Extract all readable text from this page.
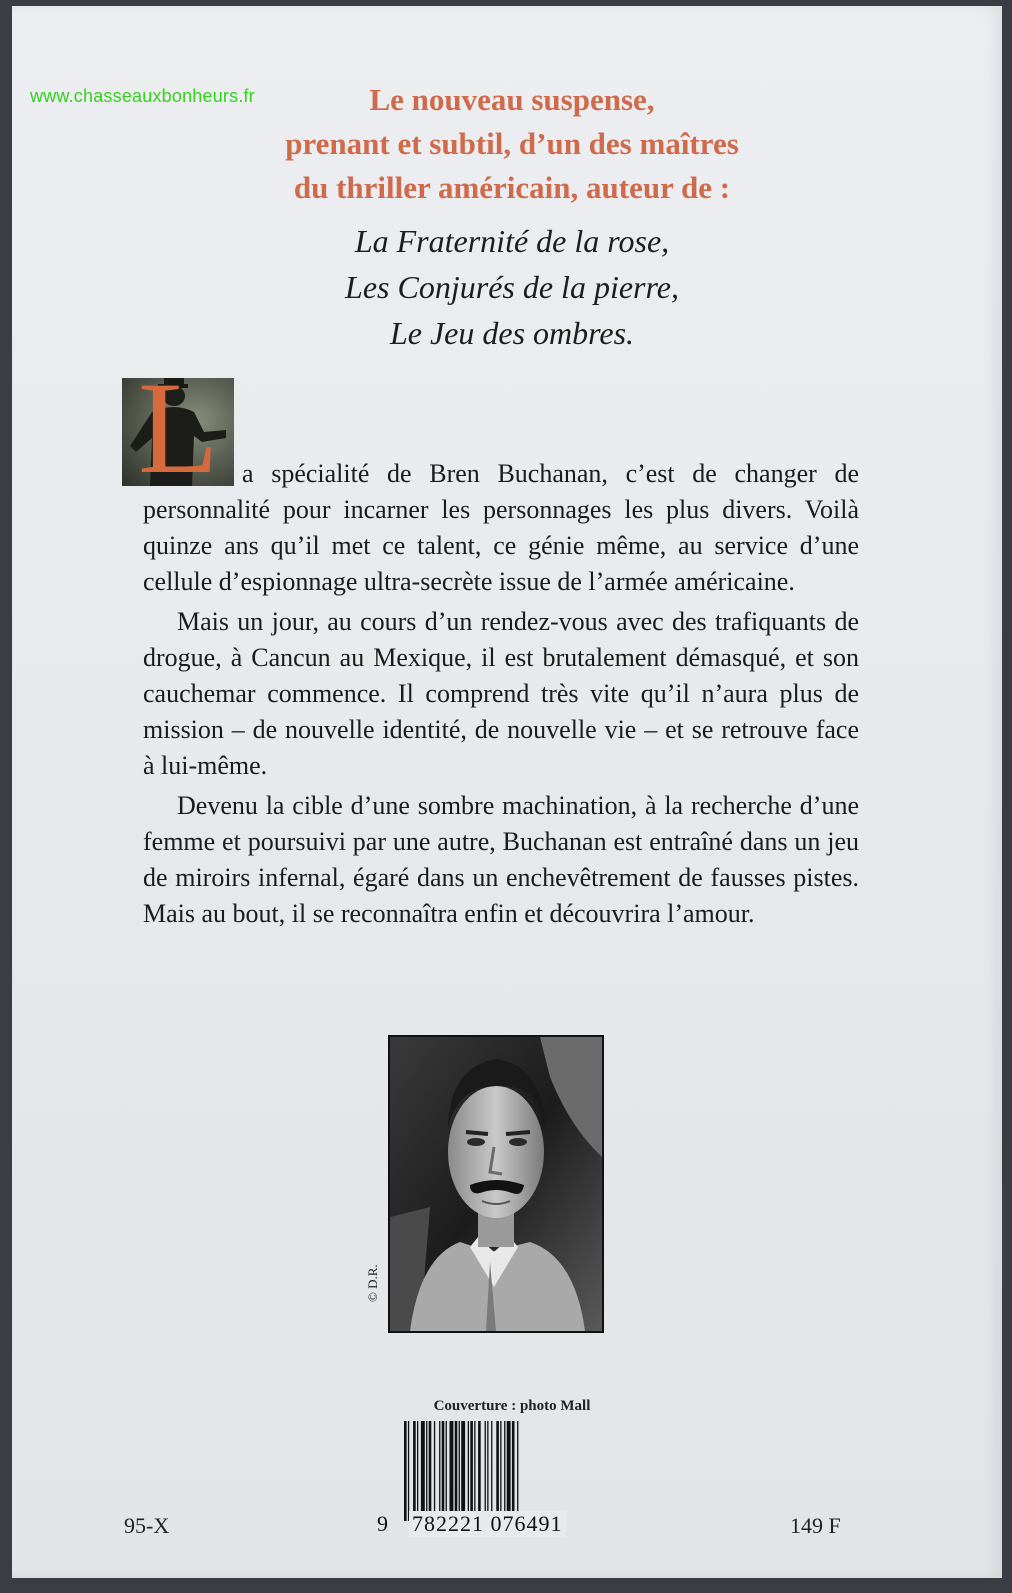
www.chasseauxbonheurs.fr	Le nouveau suspense,
prenant et subtil, d’un des maîtres
du thriller américain, auteur de :
La Fraternité de la rose,
Les Conjurés de la pierre,
Le Jeu des ombres.
L a spécialité de Bren Buchanan, c’est de changer de personnalité pour incarner les personnages les plus divers. Voilà quinze ans qu’il met ce talent, ce génie même, au service d’une cellule d’espionnage ultra-secrète issue de l’armée américaine.

Mais un jour, au cours d’un rendez-vous avec des trafiquants de drogue, à Cancun au Mexique, il est brutalement démasqué, et son cauchemar commence. Il comprend très vite qu’il n’aura plus de mission – de nouvelle identité, de nouvelle vie – et se retrouve face à lui-même.

Devenu la cible d’une sombre machination, à la recherche d’une femme et poursuivi par une autre, Buchanan est entraîné dans un jeu de miroirs infernal, égaré dans un enchevêtrement de fausses pistes. Mais au bout, il se reconnaîtra enfin et découvrira l’amour.

© D.R.
Couverture : photo Mall
9 782221 076491
95-X	149 F
